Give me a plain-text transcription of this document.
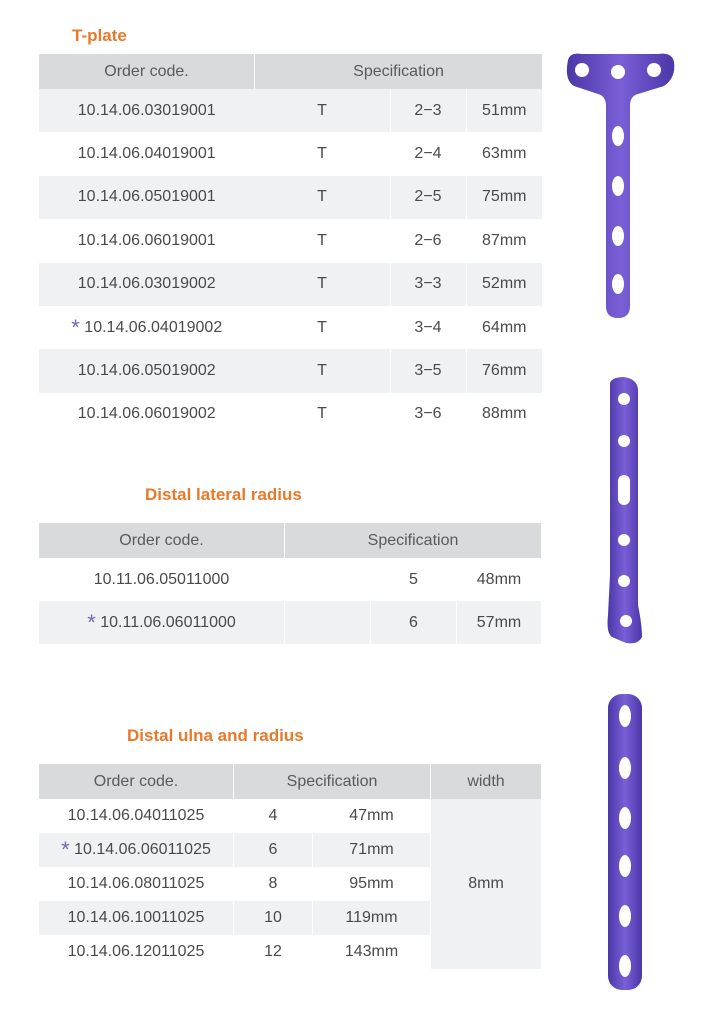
T-plate
Order code.	Specification		
10.14.06.03019001	T	2−3	51mm
10.14.06.04019001	T	2−4	63mm
10.14.06.05019001	T	2−5	75mm
10.14.06.06019001	T	2−6	87mm
10.14.06.03019002	T	3−3	52mm
* 10.14.06.04019002	T	3−4	64mm
10.14.06.05019002	T	3−5	76mm
10.14.06.06019002	T	3−6	88mm
Distal lateral radius
Order code.	Specification		
10.11.06.05011000		5	48mm
* 10.11.06.06011000		6	57mm
Distal ulna and radius
Order code.	Specification		width
10.14.06.04011025	4	47mm	8mm
* 10.14.06.06011025	6	71mm	
10.14.06.08011025	8	95mm	
10.14.06.10011025	10	119mm	
10.14.06.12011025	12	143mm	
